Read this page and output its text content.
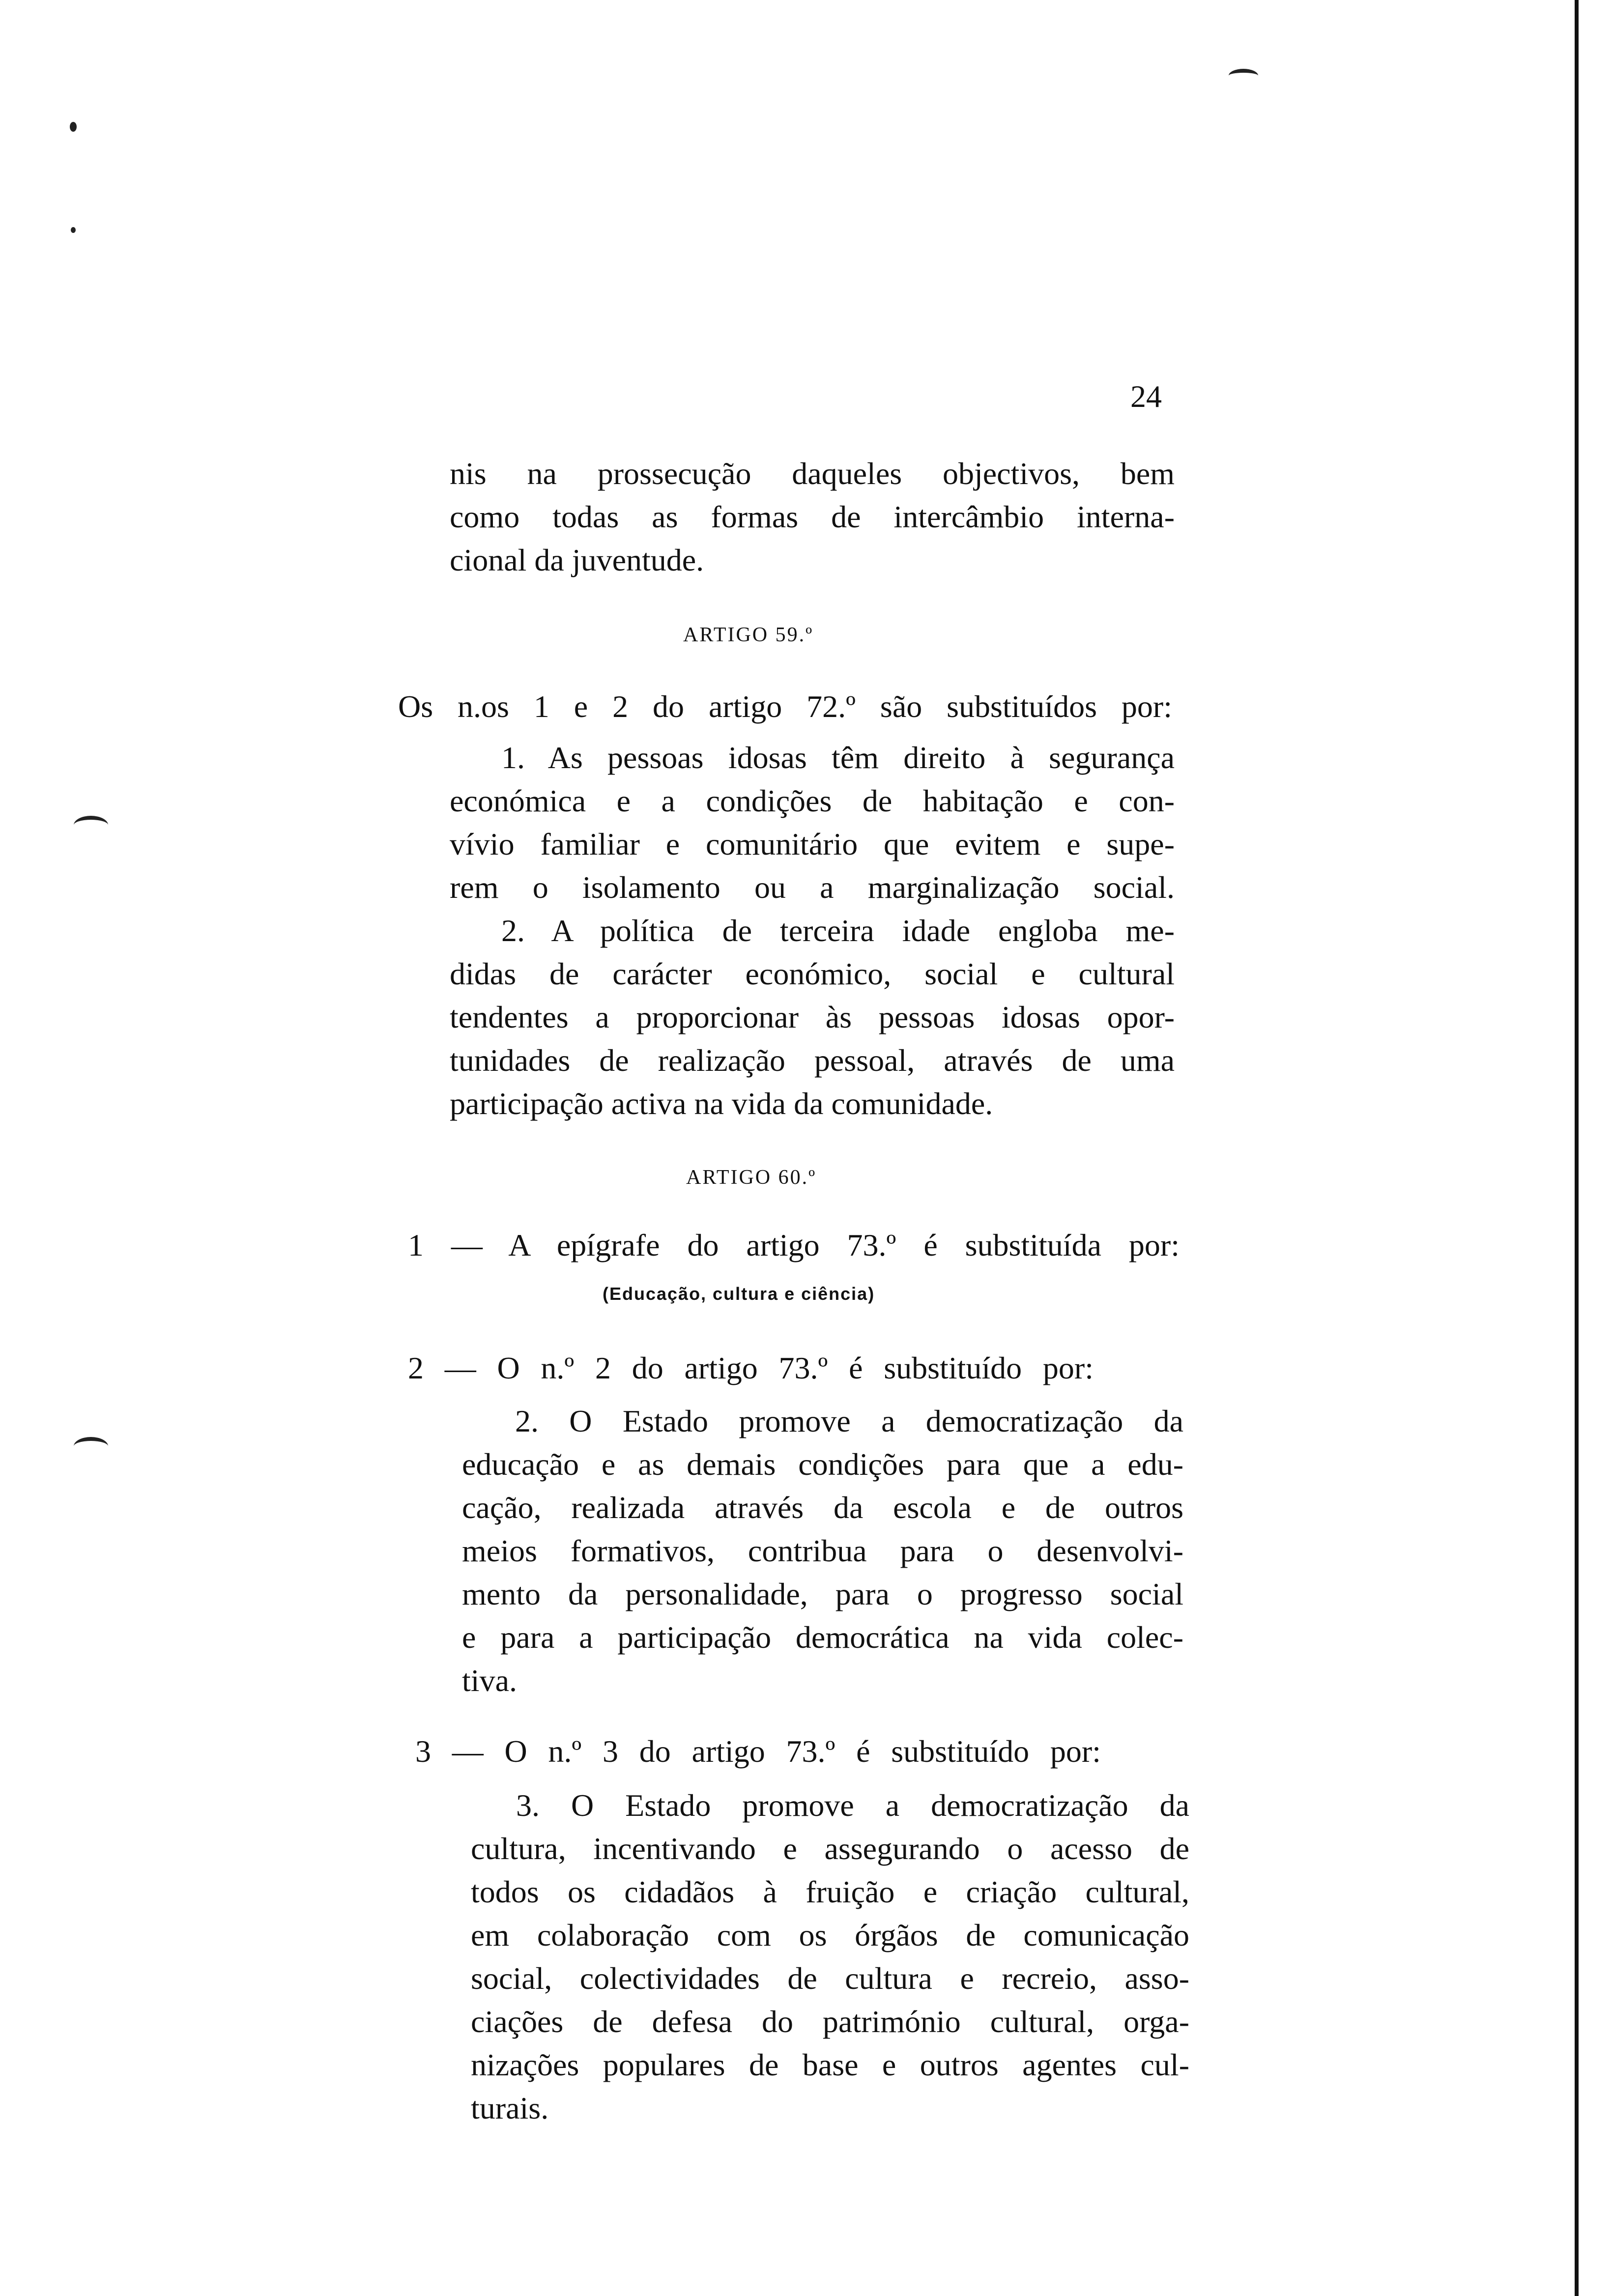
24
nis na prossecução daqueles objectivos, bem
como todas as formas de intercâmbio interna-
cional da juventude.
ARTIGO 59.º
Os n.os 1 e 2 do artigo 72.º são substituídos por:
1. As pessoas idosas têm direito à segurança
económica e a condições de habitação e con-
vívio familiar e comunitário que evitem e supe-
rem o isolamento ou a marginalização social.
2. A política de terceira idade engloba me-
didas de carácter económico, social e cultural
tendentes a proporcionar às pessoas idosas opor-
tunidades de realização pessoal, através de uma
participação activa na vida da comunidade.
ARTIGO 60.º
1 — A epígrafe do artigo 73.º é substituída por:
(Educação, cultura e ciência)
2 — O n.º 2 do artigo 73.º é substituído por:
2. O Estado promove a democratização da
educação e as demais condições para que a edu-
cação, realizada através da escola e de outros
meios formativos, contribua para o desenvolvi-
mento da personalidade, para o progresso social
e para a participação democrática na vida colec-
tiva.
3 — O n.º 3 do artigo 73.º é substituído por:
3. O Estado promove a democratização da
cultura, incentivando e assegurando o acesso de
todos os cidadãos à fruição e criação cultural,
em colaboração com os órgãos de comunicação
social, colectividades de cultura e recreio, asso-
ciações de defesa do património cultural, orga-
nizações populares de base e outros agentes cul-
turais.
